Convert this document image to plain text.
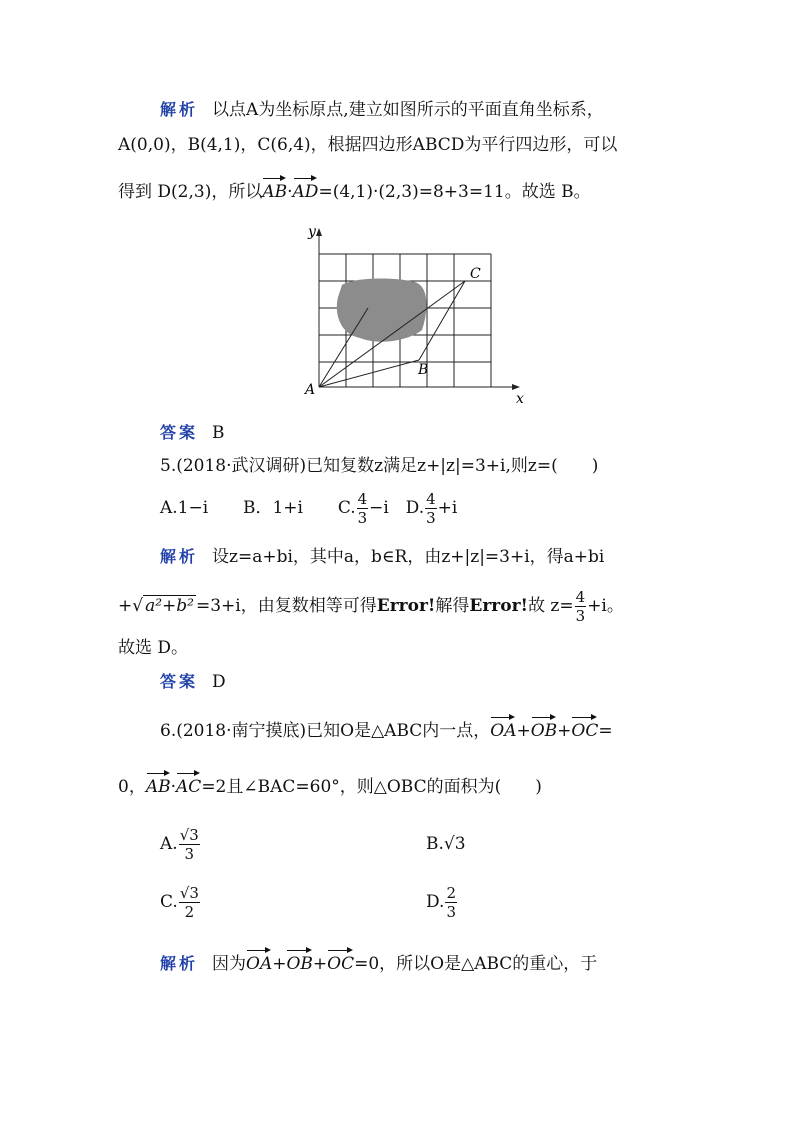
解析 以点A为坐标原点,建立如图所示的平面直角坐标系，
A(0,0)，B(4,1)，C(6,4)，根据四边形ABCD为平行四边形，可以
得到 D(2,3)，所以AB·AD=(4,1)·(2,3)=8+3=11。故选 B。
y
x
A
B
C
答案 B
5.(2018·武汉调研)已知复数z满足z+|z|=3+i,则z=(　　)
A.1−i B．1+i C. $\frac{4}{3} -i$ D. $\frac{4}{3} +i$
解析 设z=a+bi，其中a，b∈R，由z+|z|=3+i，得a+bi
+√ a²+b² =3+i，由复数相等可得Error!解得Error!故 $z= \frac{4}{3} +i$。
故选 D。
答案 D
6.(2018·南宁摸底)已知O是△ABC内一点，OA+OB+OC=
0，AB·AC=2且∠BAC=60°，则△OBC的面积为(　　)
A. $\frac{√3}{3}$	B.√3
C. $\frac{√3}{2}$	D. $\frac{2}{3}$
解析 因为OA+OB+OC=0，所以O是△ABC的重心，于
